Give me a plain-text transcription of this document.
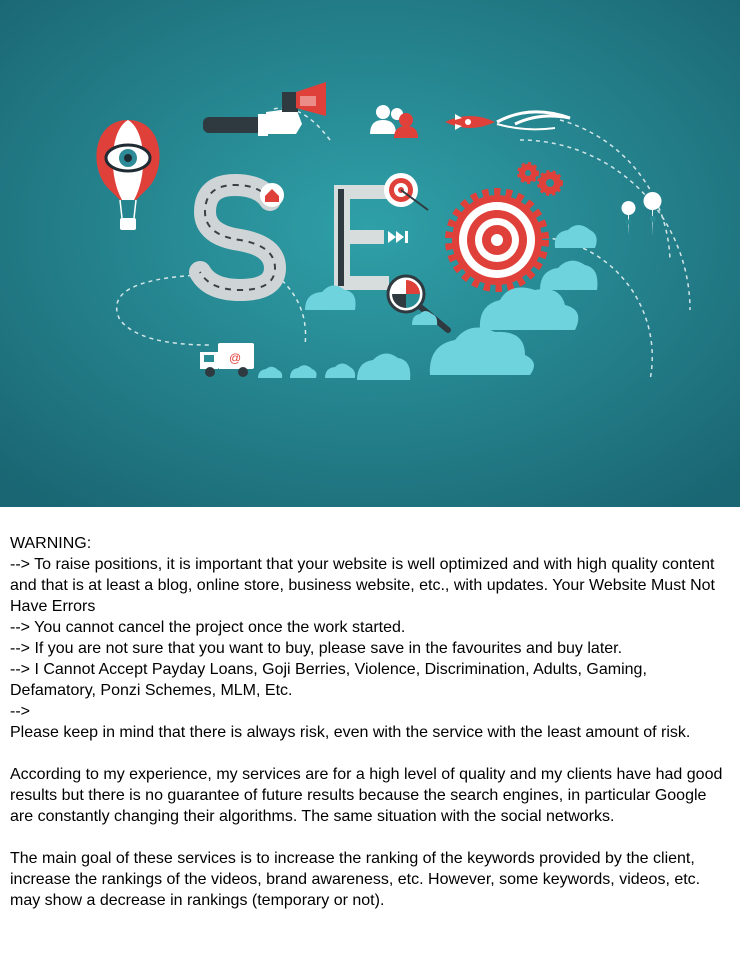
@

WARNING:

--> To raise positions, it is important that your website is well optimized and with high quality content and that is at least a blog, online store, business website, etc., with updates. Your Website Must Not Have Errors

--> You cannot cancel the project once the work started.

--> If you are not sure that you want to buy, please save in the favourites and buy later.

--> I Cannot Accept Payday Loans, Goji Berries, Violence, Discrimination, Adults, Gaming, Defamatory, Ponzi Schemes, MLM, Etc.

-->

Please keep in mind that there is always risk, even with the service with the least amount of risk.

According to my experience, my services are for a high level of quality and my clients have had good results but there is no guarantee of future results because the search engines, in particular Google are constantly changing their algorithms. The same situation with the social networks.

The main goal of these services is to increase the ranking of the keywords provided by the client, increase the rankings of the videos, brand awareness, etc. However, some keywords, videos, etc. may show a decrease in rankings (temporary or not).
